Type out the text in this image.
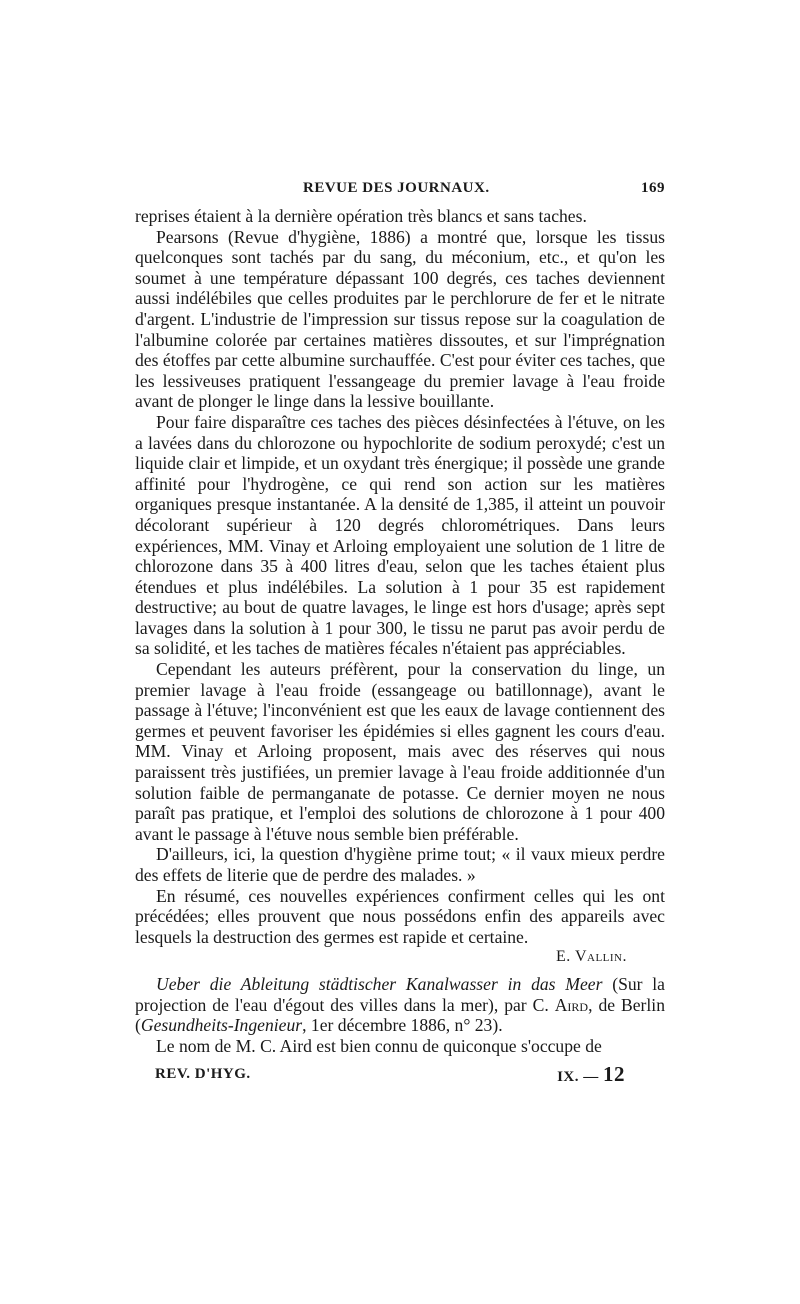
REVUE DES JOURNAUX.	169

reprises étaient à la dernière opération très blancs et sans taches.

Pearsons (Revue d'hygiène, 1886) a montré que, lorsque les tissus quelconques sont tachés par du sang, du méconium, etc., et qu'on les soumet à une température dépassant 100 degrés, ces taches deviennent aussi indélébiles que celles produites par le perchlorure de fer et le nitrate d'argent. L'industrie de l'impression sur tissus repose sur la coagulation de l'albumine colorée par certaines matières dissoutes, et sur l'imprégnation des étoffes par cette albumine surchauffée. C'est pour éviter ces taches, que les lessiveuses pratiquent l'essangeage du premier lavage à l'eau froide avant de plonger le linge dans la lessive bouillante.

Pour faire disparaître ces taches des pièces désinfectées à l'étuve, on les a lavées dans du chlorozone ou hypochlorite de sodium peroxydé; c'est un liquide clair et limpide, et un oxydant très énergique; il possède une grande affinité pour l'hydrogène, ce qui rend son action sur les matières organiques presque instantanée. A la densité de 1,385, il atteint un pouvoir décolorant supérieur à 120 degrés chlorométriques. Dans leurs expériences, MM. Vinay et Arloing employaient une solution de 1 litre de chlorozone dans 35 à 400 litres d'eau, selon que les taches étaient plus étendues et plus indélébiles. La solution à 1 pour 35 est rapidement destructive; au bout de quatre lavages, le linge est hors d'usage; après sept lavages dans la solution à 1 pour 300, le tissu ne parut pas avoir perdu de sa solidité, et les taches de matières fécales n'étaient pas appréciables.

Cependant les auteurs préfèrent, pour la conservation du linge, un premier lavage à l'eau froide (essangeage ou batillonnage), avant le passage à l'étuve; l'inconvénient est que les eaux de lavage contiennent des germes et peuvent favoriser les épidémies si elles gagnent les cours d'eau. MM. Vinay et Arloing proposent, mais avec des réserves qui nous paraissent très justifiées, un premier lavage à l'eau froide additionnée d'un solution faible de permanganate de potasse. Ce dernier moyen ne nous paraît pas pratique, et l'emploi des solutions de chlorozone à 1 pour 400 avant le passage à l'étuve nous semble bien préférable.

D'ailleurs, ici, la question d'hygiène prime tout; « il vaux mieux perdre des effets de literie que de perdre des malades. »

En résumé, ces nouvelles expériences confirment celles qui les ont précédées; elles prouvent que nous possédons enfin des appareils avec lesquels la destruction des germes est rapide et certaine.

E. Vallin.

Ueber die Ableitung städtischer Kanalwasser in das Meer (Sur la projection de l'eau d'égout des villes dans la mer), par C. Aird, de Berlin (Gesundheits-Ingenieur, 1er décembre 1886, n° 23).

Le nom de M. C. Aird est bien connu de quiconque s'occupe de

REV. D'HYG.	IX. — 12
